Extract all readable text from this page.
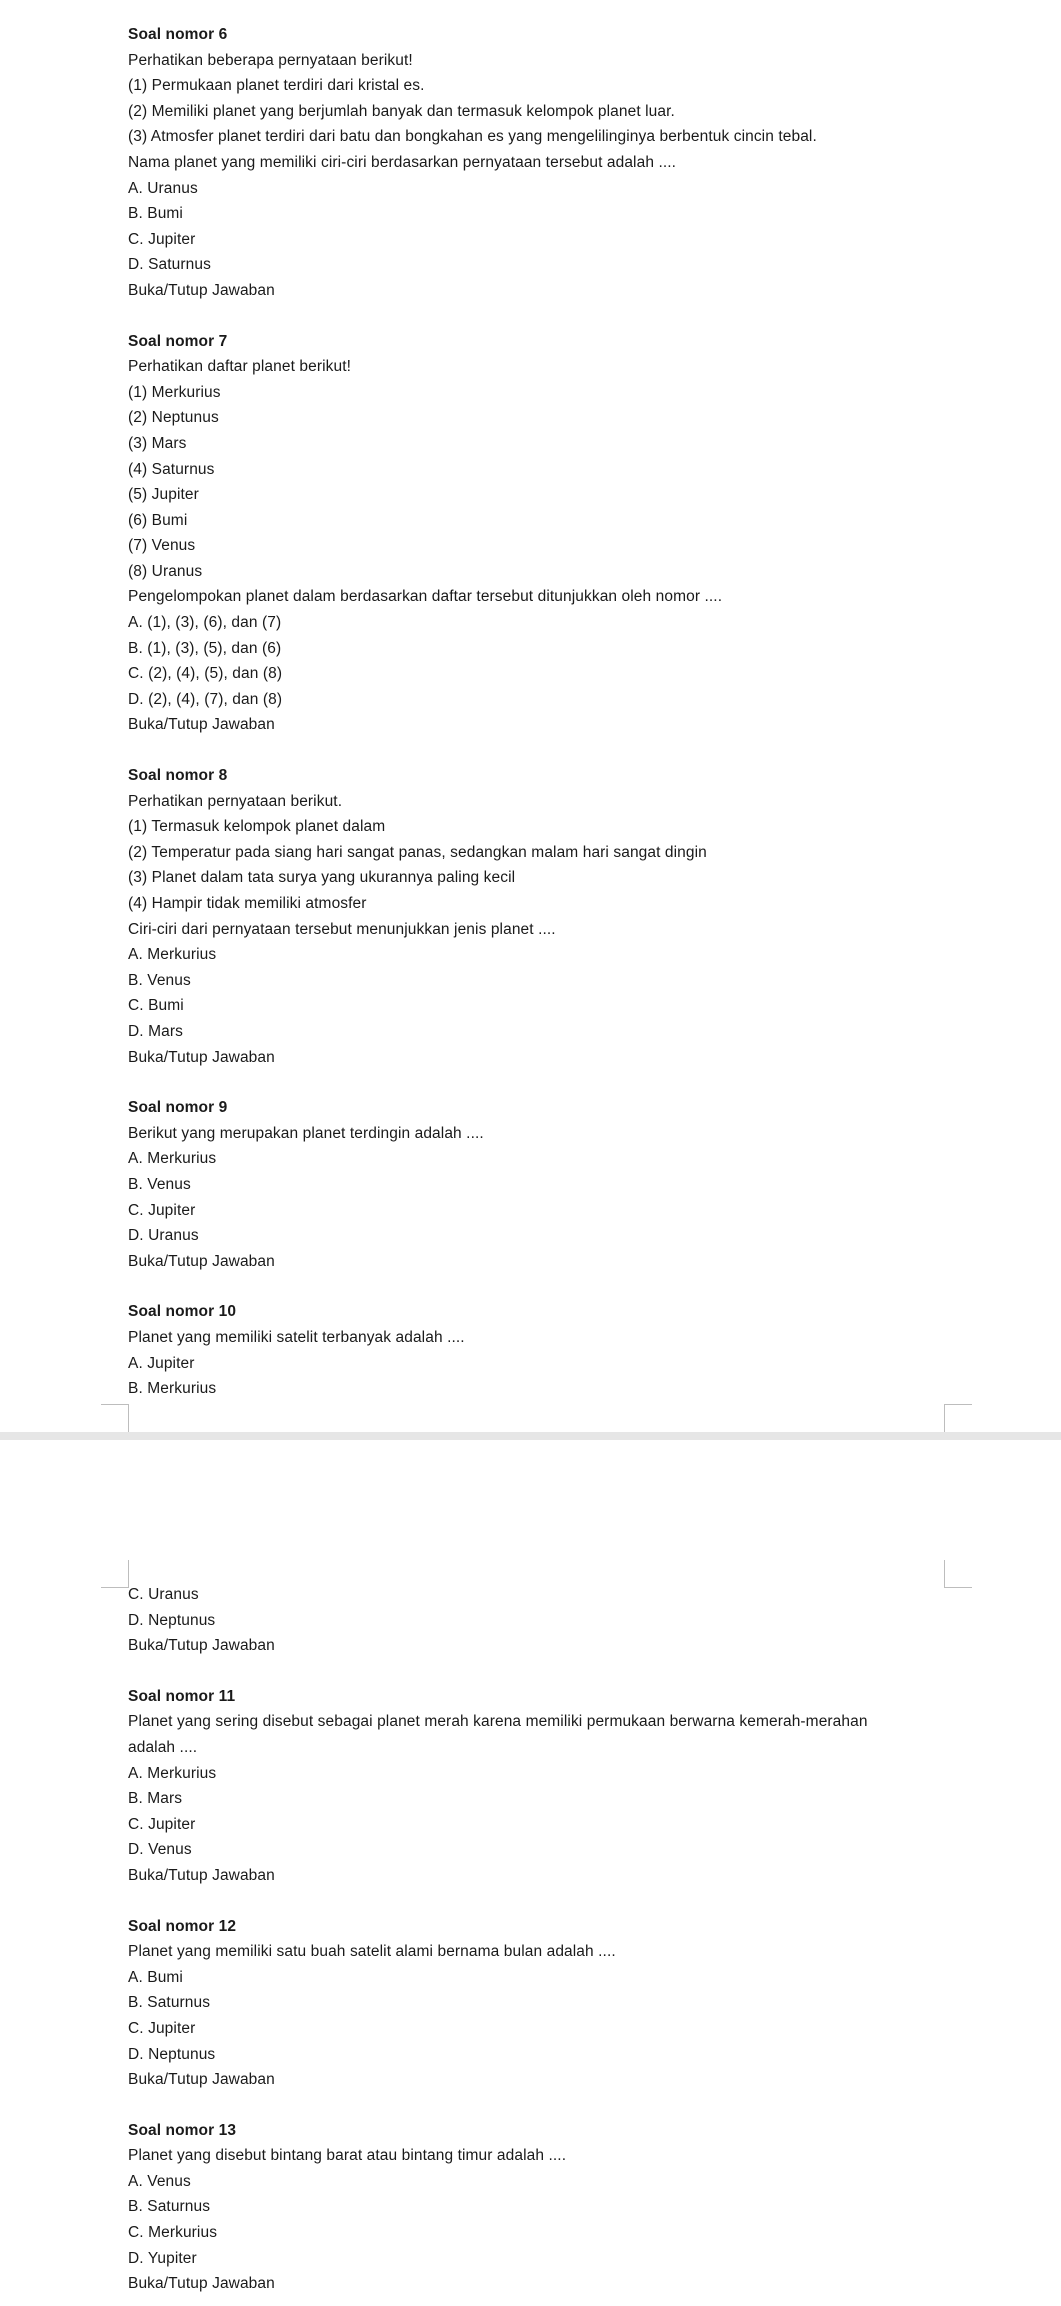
Soal nomor 6
Perhatikan beberapa pernyataan berikut!
(1) Permukaan planet terdiri dari kristal es.
(2) Memiliki planet yang berjumlah banyak dan termasuk kelompok planet luar.
(3) Atmosfer planet terdiri dari batu dan bongkahan es yang mengelilinginya berbentuk cincin tebal.
Nama planet yang memiliki ciri-ciri berdasarkan pernyataan tersebut adalah ....
A. Uranus
B. Bumi
C. Jupiter
D. Saturnus
Buka/Tutup Jawaban
Soal nomor 7
Perhatikan daftar planet berikut!
(1) Merkurius
(2) Neptunus
(3) Mars
(4) Saturnus
(5) Jupiter
(6) Bumi
(7) Venus
(8) Uranus
Pengelompokan planet dalam berdasarkan daftar tersebut ditunjukkan oleh nomor ....
A. (1), (3), (6), dan (7)
B. (1), (3), (5), dan (6)
C. (2), (4), (5), dan (8)
D. (2), (4), (7), dan (8)
Buka/Tutup Jawaban
Soal nomor 8
Perhatikan pernyataan berikut.
(1) Termasuk kelompok planet dalam
(2) Temperatur pada siang hari sangat panas, sedangkan malam hari sangat dingin
(3) Planet dalam tata surya yang ukurannya paling kecil
(4) Hampir tidak memiliki atmosfer
Ciri-ciri dari pernyataan tersebut menunjukkan jenis planet ....
A. Merkurius
B. Venus
C. Bumi
D. Mars
Buka/Tutup Jawaban
Soal nomor 9
Berikut yang merupakan planet terdingin adalah ....
A. Merkurius
B. Venus
C. Jupiter
D. Uranus
Buka/Tutup Jawaban
Soal nomor 10
Planet yang memiliki satelit terbanyak adalah ....
A. Jupiter
B. Merkurius
C. Uranus
D. Neptunus
Buka/Tutup Jawaban
Soal nomor 11
Planet yang sering disebut sebagai planet merah karena memiliki permukaan berwarna kemerah-merahan
adalah ....
A. Merkurius
B. Mars
C. Jupiter
D. Venus
Buka/Tutup Jawaban
Soal nomor 12
Planet yang memiliki satu buah satelit alami bernama bulan adalah ....
A. Bumi
B. Saturnus
C. Jupiter
D. Neptunus
Buka/Tutup Jawaban
Soal nomor 13
Planet yang disebut bintang barat atau bintang timur adalah ....
A. Venus
B. Saturnus
C. Merkurius
D. Yupiter
Buka/Tutup Jawaban
